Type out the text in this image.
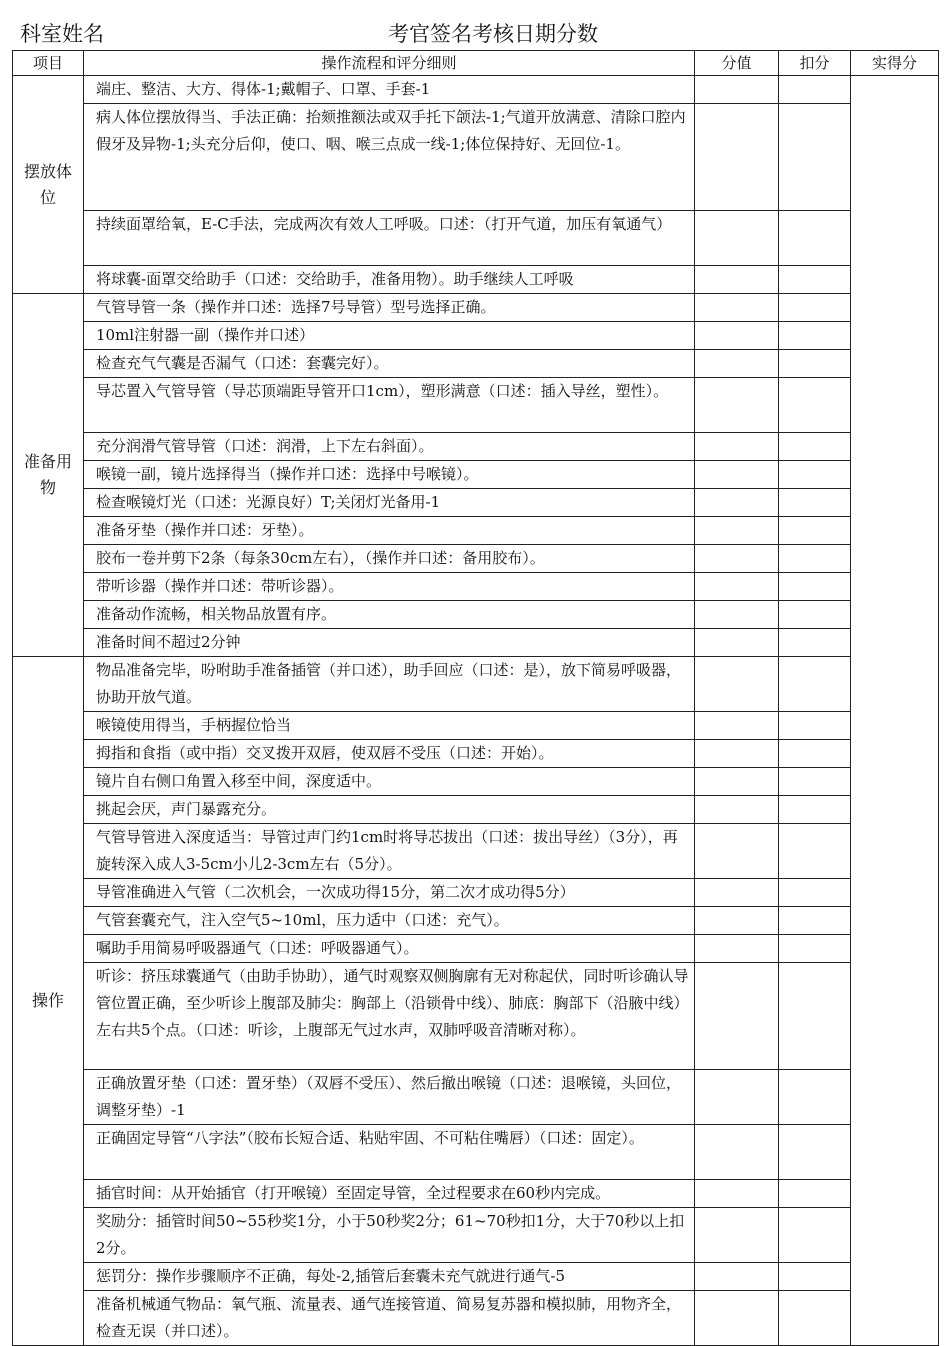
科室姓名	考官签名考核日期分数
项目	操作流程和评分细则	分值	扣分	实得分

摆放体
位	端庄、整洁、大方、得体-1;戴帽子、口罩、手套-1			
	病人体位摆放得当、手法正确：抬颏推额法或双手托下颌法-1;气道开放满意、清除口腔内假牙及异物-1;头充分后仰，使口、咽、喉三点成一线-1;体位保持好、无回位-1。			
	持续面罩给氧，E-C手法，完成两次有效人工呼吸。口述：（打开气道，加压有氧通气）			
	将球囊-面罩交给助手（口述：交给助手，准备用物）。助手继续人工呼吸			

准备用
物	气管导管一条（操作并口述：选择7号导管）型号选择正确。			
	10ml注射器一副（操作并口述）			
	检查充气气囊是否漏气（口述：套囊完好）。			
	导芯置入气管导管（导芯顶端距导管开口1cm），塑形满意（口述：插入导丝，塑性）。			
	充分润滑气管导管（口述：润滑，上下左右斜面）。			
	喉镜一副，镜片选择得当（操作并口述：选择中号喉镜）。			
	检查喉镜灯光（口述：光源良好）T;关闭灯光备用-1			
	准备牙垫（操作并口述：牙垫）。			
	胶布一卷并剪下2条（每条30cm左右），（操作并口述：备用胶布）。			
	带听诊器（操作并口述：带听诊器）。			
	准备动作流畅，相关物品放置有序。			
	准备时间不超过2分钟			
操作	物品准备完毕，吩咐助手准备插管（并口述），助手回应（口述：是），放下简易呼吸器，协助开放气道。			
	喉镜使用得当，手柄握位恰当			
	拇指和食指（或中指）交叉拨开双唇，使双唇不受压（口述：开始）。			
	镜片自右侧口角置入移至中间，深度适中。			
	挑起会厌，声门暴露充分。			
	气管导管进入深度适当：导管过声门约1cm时将导芯拔出（口述：拔出导丝）（3分），再旋转深入成人3-5cm小儿2-3cm左右（5分）。			
	导管准确进入气管（二次机会，一次成功得15分，第二次才成功得5分）			
	气管套囊充气，注入空气5~10ml，压力适中（口述：充气）。			
	嘱助手用简易呼吸器通气（口述：呼吸器通气）。			
	听诊：挤压球囊通气（由助手协助），通气时观察双侧胸廓有无对称起伏，同时听诊确认导管位置正确，至少听诊上腹部及肺尖：胸部上（沿锁骨中线）、肺底：胸部下（沿腋中线）左右共5个点。（口述：听诊，上腹部无气过水声，双肺呼吸音清晰对称）。			
	正确放置牙垫（口述：置牙垫）（双唇不受压）、然后撤出喉镜（口述：退喉镜，头回位，调整牙垫）-1			
	正确固定导管“八字法”（胶布长短合适、粘贴牢固、不可粘住嘴唇）（口述：固定）。			
	插官时间：从开始插官（打开喉镜）至固定导管，全过程要求在60秒内完成。			
	奖励分：插管时间50~55秒奖1分，小于50秒奖2分；61~70秒扣1分，大于70秒以上扣2分。			
	惩罚分：操作步骤顺序不正确，每处-2,插管后套囊未充气就进行通气-5			
	准备机械通气物品：氧气瓶、流量表、通气连接管道、简易复苏器和模拟肺，用物齐全，检查无误（并口述）。			
